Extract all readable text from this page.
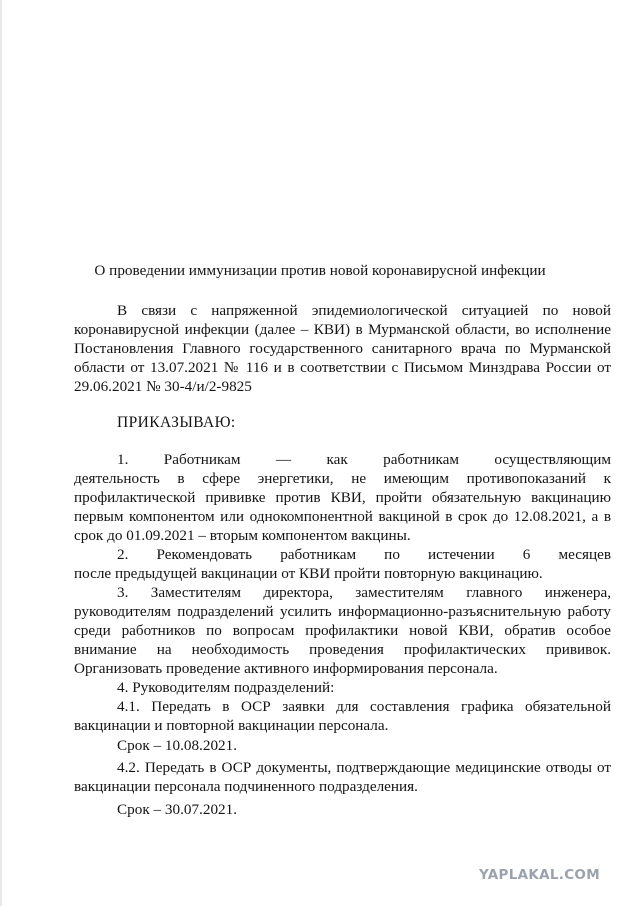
О проведении иммунизации против новой коронавирусной инфекции
В связи с напряженной эпидемиологической ситуацией по новой
коронавирусной инфекции (далее – КВИ) в Мурманской области, во исполнение
Постановления Главного государственного санитарного врача по Мурманской
области от 13.07.2021 № 116 и в соответствии с Письмом Минздрава России от
29.06.2021 № 30-4/и/2-9825
ПРИКАЗЫВАЮ:
1. Работникам — как работникам осуществляющим
деятельность в сфере энергетики, не имеющим противопоказаний к
профилактической прививке против КВИ, пройти обязательную вакцинацию
первым компонентом или однокомпонентной вакциной в срок до 12.08.2021, а в
срок до 01.09.2021 – вторым компонентом вакцины.
2. Рекомендовать работникам по истечении 6 месяцев
после предыдущей вакцинации от КВИ пройти повторную вакцинацию.
3. Заместителям директора, заместителям главного инженера,
руководителям подразделений усилить информационно-разъяснительную работу
среди работников по вопросам профилактики новой КВИ, обратив особое
внимание на необходимость проведения профилактических прививок.
Организовать проведение активного информирования персонала.
4. Руководителям подразделений:
4.1. Передать в ОСР заявки для составления графика обязательной
вакцинации и повторной вакцинации персонала.
Срок – 10.08.2021.
4.2. Передать в ОСР документы, подтверждающие медицинские отводы от
вакцинации персонала подчиненного подразделения.
Срок – 30.07.2021.
YAPLAKAL.COM
